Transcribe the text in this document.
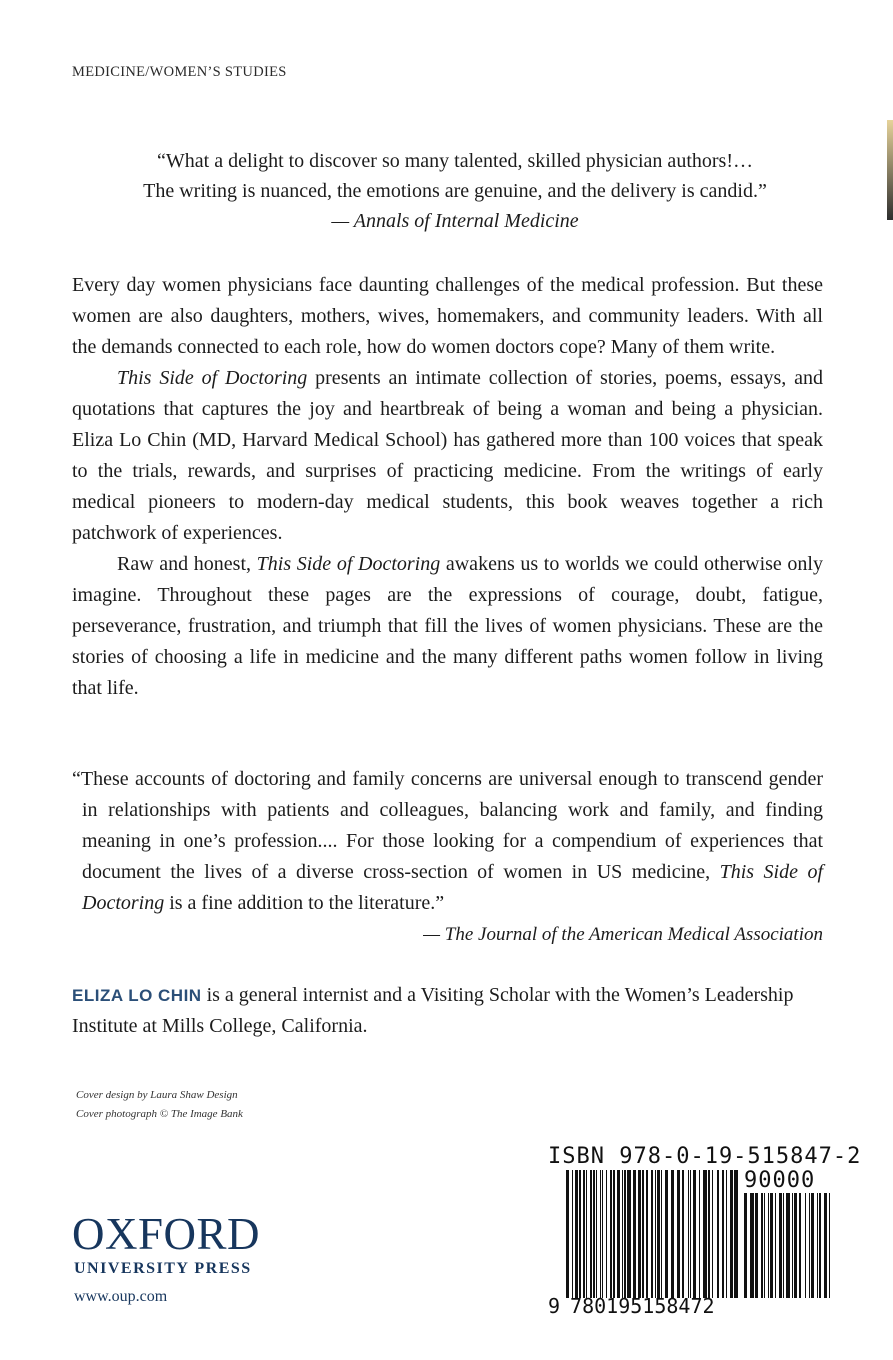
MEDICINE/WOMEN’S STUDIES
“What a delight to discover so many talented, skilled physician authors!…
The writing is nuanced, the emotions are genuine, and the delivery is candid.”
— Annals of Internal Medicine

Every day women physicians face daunting challenges of the medical profession. But these women are also daughters, mothers, wives, homemakers, and community leaders. With all the demands connected to each role, how do women doctors cope? Many of them write.

This Side of Doctoring presents an intimate collection of stories, poems, essays, and quotations that captures the joy and heartbreak of being a woman and being a physician. Eliza Lo Chin (MD, Harvard Medical School) has gathered more than 100 voices that speak to the trials, rewards, and surprises of practicing medicine. From the writings of early medical pioneers to modern-day medical students, this book weaves together a rich patchwork of experiences.

Raw and honest, This Side of Doctoring awakens us to worlds we could otherwise only imagine. Throughout these pages are the expressions of courage, doubt, fatigue, perseverance, frustration, and triumph that fill the lives of women physicians. These are the stories of choosing a life in medicine and the many different paths women follow in living that life.

“These accounts of doctoring and family concerns are universal enough to transcend gender in relationships with patients and colleagues, balancing work and family, and finding meaning in one’s profession.... For those looking for a compendium of experiences that document the lives of a diverse cross-section of women in US medicine, This Side of Doctoring is a fine addition to the literature.”
— The Journal of the American Medical Association
ELIZA LO CHIN is a general internist and a Visiting Scholar with the Women’s Leadership Institute at Mills College, California.
Cover design by Laura Shaw Design
Cover photograph © The Image Bank
OXFORD
UNIVERSITY PRESS
www.oup.com
ISBN 978-0-19-515847-2
90000
9 780195158472
